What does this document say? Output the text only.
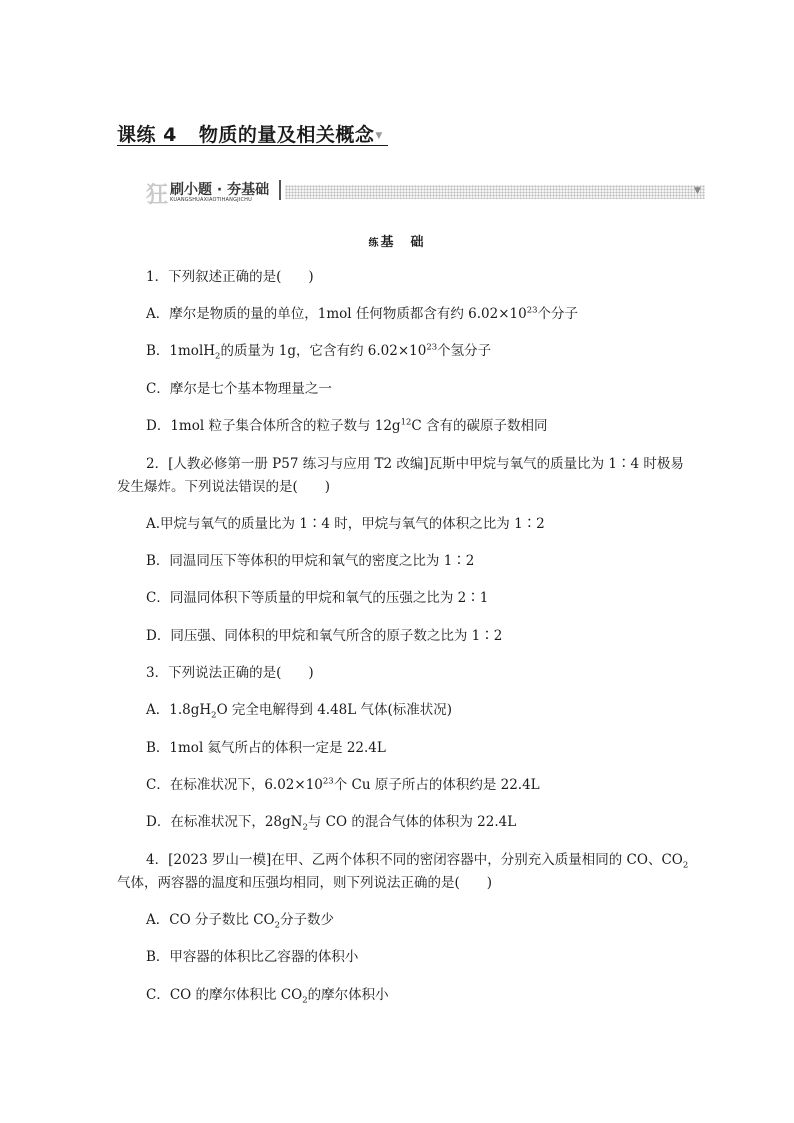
课练 4 物质的量及相关概念▼
狂 刷小题 · 夯基础
KUANGSHUAXIAOTIHANGJICHU
▼
练基　础
1．下列叙述正确的是(　　)
A．摩尔是物质的量的单位，1mol 任何物质都含有约 $6.02\times 10^{23}$个分子
B．1molH$_2$的质量为 1g，它含有约 $6.02\times 10^{23}$个氢分子
C．摩尔是七个基本物理量之一
D．1mol 粒子集合体所含的粒子数与 $12g^{12}C$ 含有的碳原子数相同
2．[人教必修第一册 P57 练习与应用 T2 改编]瓦斯中甲烷与氧气的质量比为 1∶4 时极易
发生爆炸。下列说法错误的是(　　)
A.甲烷与氧气的质量比为 1∶4 时，甲烷与氧气的体积之比为 1∶2
B．同温同压下等体积的甲烷和氧气的密度之比为 1∶2
C．同温同体积下等质量的甲烷和氧气的压强之比为 2∶1
D．同压强、同体积的甲烷和氧气所含的原子数之比为 1∶2
3．下列说法正确的是(　　)
A．$1.8gH_2O$ 完全电解得到 4.48L 气体(标准状况)
B．1mol 氦气所占的体积一定是 22.4L
C．在标准状况下，$6.02\times 10^{23}$个 Cu 原子所占的体积约是 22.4L
D．在标准状况下，$28gN_2$与 CO 的混合气体的体积为 22.4L
4．[2023 罗山一模]在甲、乙两个体积不同的密闭容器中，分别充入质量相同的 CO、$CO_2$
气体，两容器的温度和压强均相同，则下列说法正确的是(　　)
A．CO 分子数比 $CO_2$分子数少
B．甲容器的体积比乙容器的体积小
C．CO 的摩尔体积比 $CO_2$的摩尔体积小
